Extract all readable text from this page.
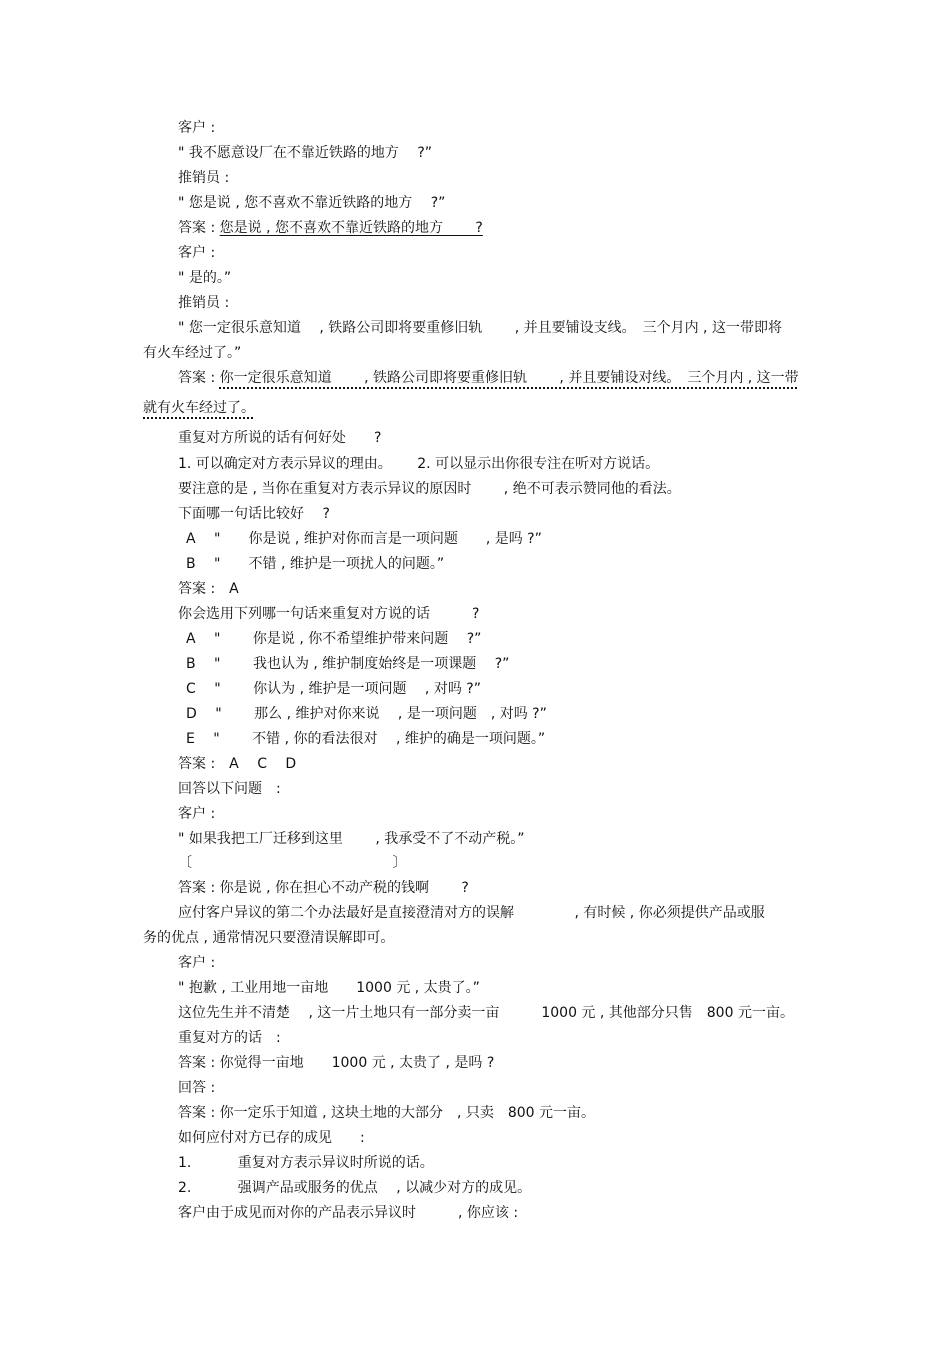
客户 :
" 我不愿意设厂在不靠近铁路的地方　 ?”
推销员 :
" 您是说 , 您不喜欢不靠近铁路的地方　 ?”
答案 : 您是说 , 您不喜欢不靠近铁路的地方　　 ?
客户 :
" 是的。”
推销员 :
" 您一定很乐意知道　 , 铁路公司即将要重修旧轨　　 , 并且要铺设支线。　三个月内 , 这一带即将
有火车经过了。”
答案 : 你一定很乐意知道　　 , 铁路公司即将要重修旧轨　　 , 并且要铺设对线。　三个月内 , 这一带
就有火车经过了。
重复对方所说的话有何好处　　?
1. 可以确定对方表示异议的理由。　　 2. 可以显示出你很专注在听对方说话。
要注意的是 , 当你在重复对方表示异议的原因时　　 , 绝不可表示赞同他的看法。
下面哪一句话比较好　 ?
A　 "　　你是说 , 维护对你而言是一项问题　　, 是吗 ?”
B　 "　　不错 , 维护是一项扰人的问题。”
答案 :　A
你会选用下列哪一句话来重复对方说的话　　　?
A　 "　　 你是说 , 你不希望维护带来问题　 ?”
B　 "　　 我也认为 , 维护制度始终是一项课题　 ?”
C　 "　　 你认为 , 维护是一项问题　 , 对吗 ?”
D　 "　　 那么 , 维护对你来说　 , 是一项问题　, 对吗 ?”
E　 "　　 不错 , 你的看法很对　 , 维护的确是一项问题。”
答案 :　A　 C　 D
回答以下问题　:
客户 :
" 如果我把工厂迁移到这里　　 , 我承受不了不动产税。”
〔　　　　　　　　　　　　　　 〕
答案 : 你是说 , 你在担心不动产税的钱啊　　 ?
应付客户异议的第二个办法最好是直接澄清对方的误解　　　　 , 有时候 , 你必须提供产品或服
务的优点 , 通常情况只要澄清误解即可。
客户 :
" 抱歉 , 工业用地一亩地　　1000 元 , 太贵了。”
这位先生并不清楚　 , 这一片土地只有一部分卖一亩　　　1000 元 , 其他部分只售　800 元一亩。
重复对方的话　:
答案 : 你觉得一亩地　　1000 元 , 太贵了 , 是吗 ?
回答 :
答案 : 你一定乐于知道 , 这块土地的大部分　, 只卖　800 元一亩。
如何应付对方已存的成见　　:
1.　　　 重复对方表示异议时所说的话。
2.　　　 强调产品或服务的优点　 , 以减少对方的成见。
客户由于成见而对你的产品表示异议时　　　, 你应该 :
